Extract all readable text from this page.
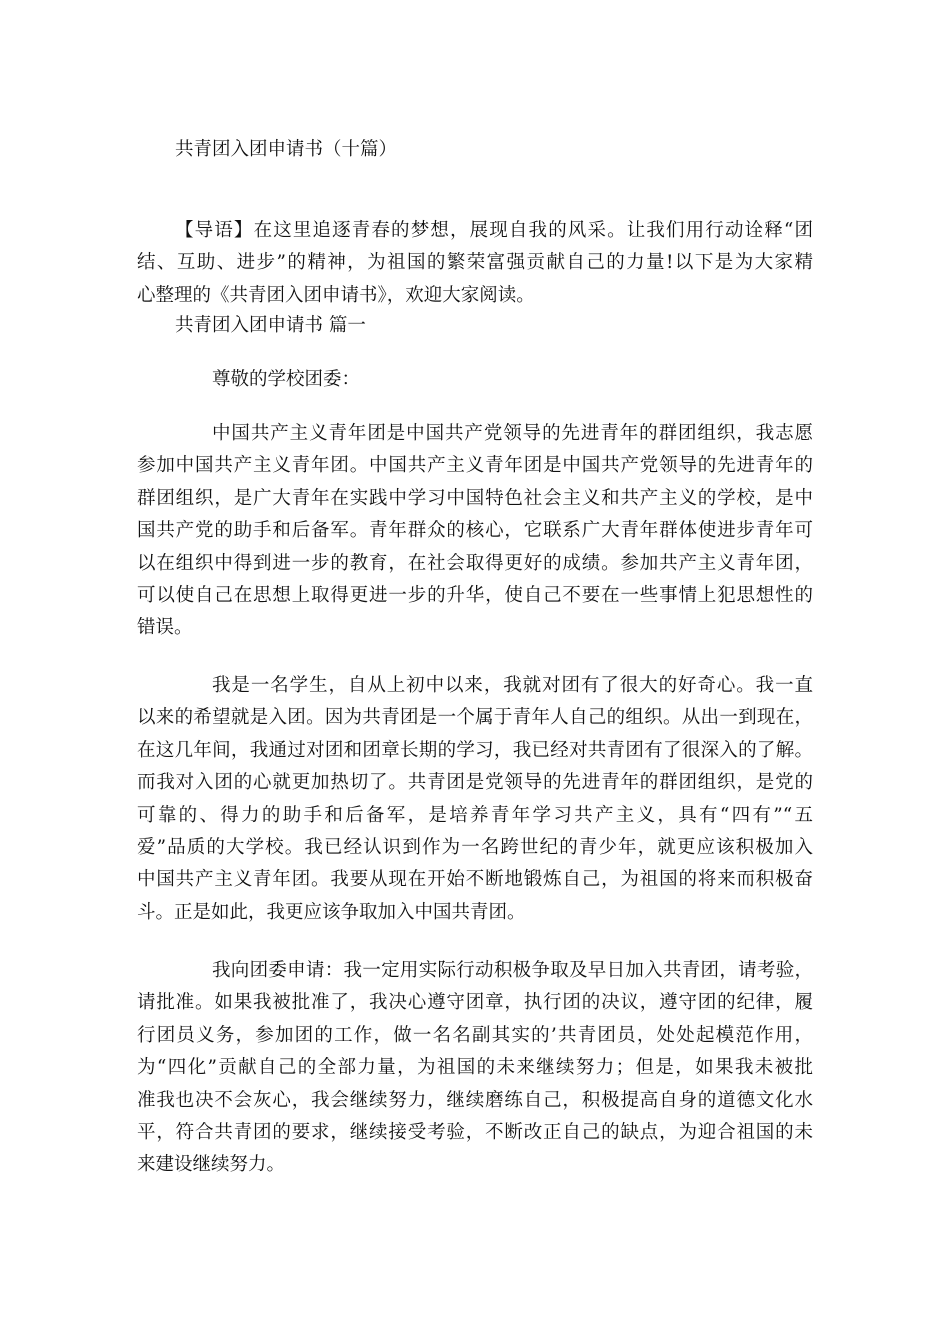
共青团入团申请书（十篇）

【导语】在这里追逐青春的梦想，展现自我的风采。让我们用行动诠释“团
结、互助、进步”的精神，为祖国的繁荣富强贡献自己的力量!以下是为大家精
心整理的《共青团入团申请书》，欢迎大家阅读。

共青团入团申请书 篇一

尊敬的学校团委：

中国共产主义青年团是中国共产党领导的先进青年的群团组织，我志愿
参加中国共产主义青年团。中国共产主义青年团是中国共产党领导的先进青年的
群团组织，是广大青年在实践中学习中国特色社会主义和共产主义的学校，是中
国共产党的助手和后备军。青年群众的核心，它联系广大青年群体使进步青年可
以在组织中得到进一步的教育，在社会取得更好的成绩。参加共产主义青年团，
可以使自己在思想上取得更进一步的升华，使自己不要在一些事情上犯思想性的
错误。

我是一名学生，自从上初中以来，我就对团有了很大的好奇心。我一直
以来的希望就是入团。因为共青团是一个属于青年人自己的组织。从出一到现在，
在这几年间，我通过对团和团章长期的学习，我已经对共青团有了很深入的了解。
而我对入团的心就更加热切了。共青团是党领导的先进青年的群团组织，是党的
可靠的、得力的助手和后备军，是培养青年学习共产主义，具有“四有”“五
爱”品质的大学校。我已经认识到作为一名跨世纪的青少年，就更应该积极加入
中国共产主义青年团。我要从现在开始不断地锻炼自己，为祖国的将来而积极奋
斗。正是如此，我更应该争取加入中国共青团。

我向团委申请：我一定用实际行动积极争取及早日加入共青团，请考验，
请批准。如果我被批准了，我决心遵守团章，执行团的决议，遵守团的纪律，履
行团员义务，参加团的工作，做一名名副其实的’共青团员，处处起模范作用，
为“四化”贡献自己的全部力量，为祖国的未来继续努力；但是，如果我未被批
准我也决不会灰心，我会继续努力，继续磨练自己，积极提高自身的道德文化水
平，符合共青团的要求，继续接受考验，不断改正自己的缺点，为迎合祖国的未
来建设继续努力。
